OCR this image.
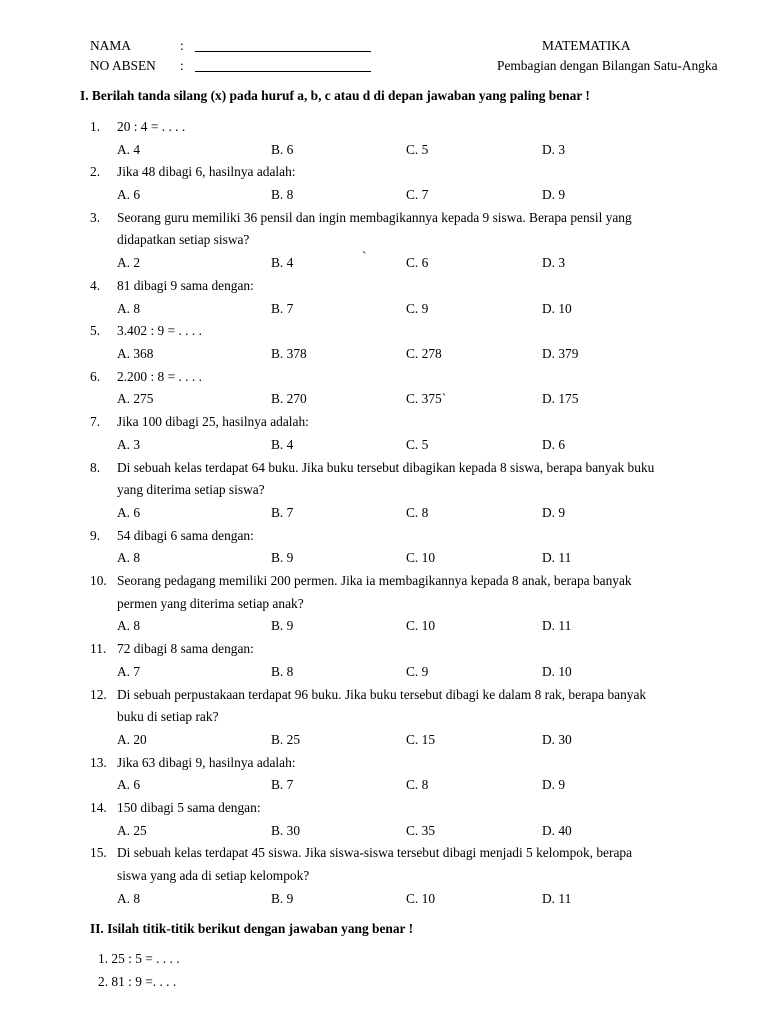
NAMA	:	MATEMATIKA
NO ABSEN :	Pembagian dengan Bilangan Satu-Angka
I. Berilah tanda silang (x) pada huruf a, b, c atau d di depan jawaban yang paling benar !
1.	20 : 4 = . . . .
A. 4	B. 6	C. 5	D. 3
2.	Jika 48 dibagi 6, hasilnya adalah:
A. 6	B. 8	C. 7	D. 9
3.	Seorang guru memiliki 36 pensil dan ingin membagikannya kepada 9 siswa. Berapa pensil yang
didapatkan setiap siswa?
A. 2	B. 4	C. 6	D. 3
`
4.	81 dibagi 9 sama dengan:
A. 8	B. 7	C. 9	D. 10
5.	3.402 : 9 = . . . .
A. 368	B. 378	C. 278	D. 379
6.	2.200 : 8 = . . . .
A. 275	B. 270	C. 375`	D. 175
7.	Jika 100 dibagi 25, hasilnya adalah:
A. 3	B. 4	C. 5	D. 6
8.	Di sebuah kelas terdapat 64 buku. Jika buku tersebut dibagikan kepada 8 siswa, berapa banyak buku
yang diterima setiap siswa?
A. 6	B. 7	C. 8	D. 9
9.	54 dibagi 6 sama dengan:
A. 8	B. 9	C. 10	D. 11
10. Seorang pedagang memiliki 200 permen. Jika ia membagikannya kepada 8 anak, berapa banyak
permen yang diterima setiap anak?
A. 8	B. 9	C. 10	D. 11
11. 72 dibagi 8 sama dengan:
A. 7	B. 8	C. 9	D. 10
12. Di sebuah perpustakaan terdapat 96 buku. Jika buku tersebut dibagi ke dalam 8 rak, berapa banyak
buku di setiap rak?
A. 20	B. 25	C. 15	D. 30
13. Jika 63 dibagi 9, hasilnya adalah:
A. 6	B. 7	C. 8	D. 9
14. 150 dibagi 5 sama dengan:
A. 25	B. 30	C. 35	D. 40
15. Di sebuah kelas terdapat 45 siswa. Jika siswa-siswa tersebut dibagi menjadi 5 kelompok, berapa
siswa yang ada di setiap kelompok?
A. 8	B. 9	C. 10	D. 11
II. Isilah titik-titik berikut dengan jawaban yang benar !
1. 25 : 5 = . . . .
2. 81 : 9 =. . . .
